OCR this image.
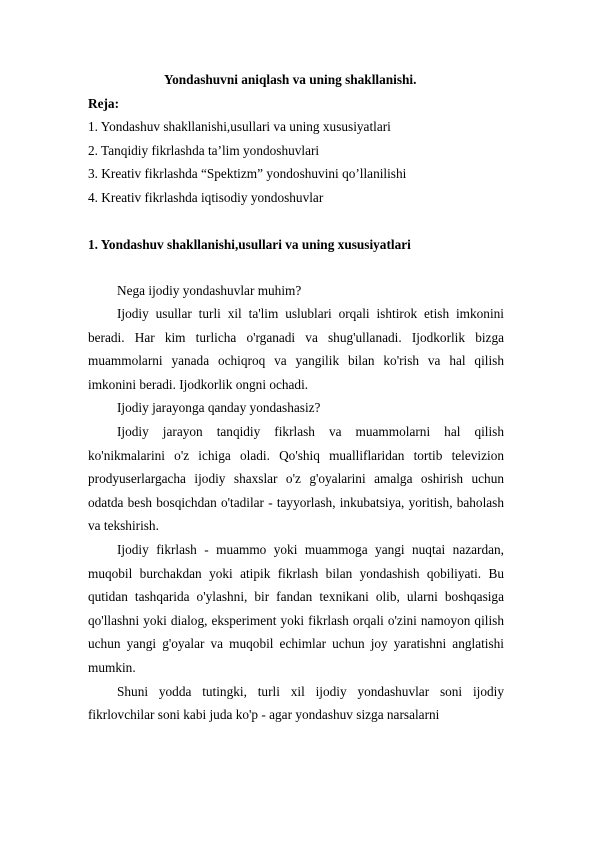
Yondashuvni aniqlash va uning shakllanishi.

Reja:

1. Yondashuv shakllanishi,usullari va uning xususiyatlari

2. Tanqidiy fikrlashda ta’lim yondoshuvlari

3. Kreativ fikrlashda “Spektizm” yondoshuvini qo’llanilishi

4. Kreativ fikrlashda iqtisodiy yondoshuvlar

1. Yondashuv shakllanishi,usullari va uning xususiyatlari

Nega ijodiy yondashuvlar muhim?

Ijodiy usullar turli xil ta'lim uslublari orqali ishtirok etish imkonini beradi. Har kim turlicha o'rganadi va shug'ullanadi. Ijodkorlik bizga muammolarni yanada ochiqroq va yangilik bilan ko'rish va hal qilish imkonini beradi. Ijodkorlik ongni ochadi.

Ijodiy jarayonga qanday yondashasiz?

Ijodiy jarayon tanqidiy fikrlash va muammolarni hal qilish ko'nikmalarini o'z ichiga oladi. Qo'shiq mualliflaridan tortib televizion prodyuserlargacha ijodiy shaxslar o'z g'oyalarini amalga oshirish uchun odatda besh bosqichdan o'tadilar - tayyorlash, inkubatsiya, yoritish, baholash va tekshirish.

Ijodiy fikrlash - muammo yoki muammoga yangi nuqtai nazardan, muqobil burchakdan yoki atipik fikrlash bilan yondashish qobiliyati. Bu qutidan tashqarida o'ylashni, bir fandan texnikani olib, ularni boshqasiga qo'llashni yoki dialog, eksperiment yoki fikrlash orqali o'zini namoyon qilish uchun yangi g'oyalar va muqobil echimlar uchun joy yaratishni anglatishi mumkin.

Shuni yodda tutingki, turli xil ijodiy yondashuvlar soni ijodiy fikrlovchilar soni kabi juda ko'p - agar yondashuv sizga narsalarni
